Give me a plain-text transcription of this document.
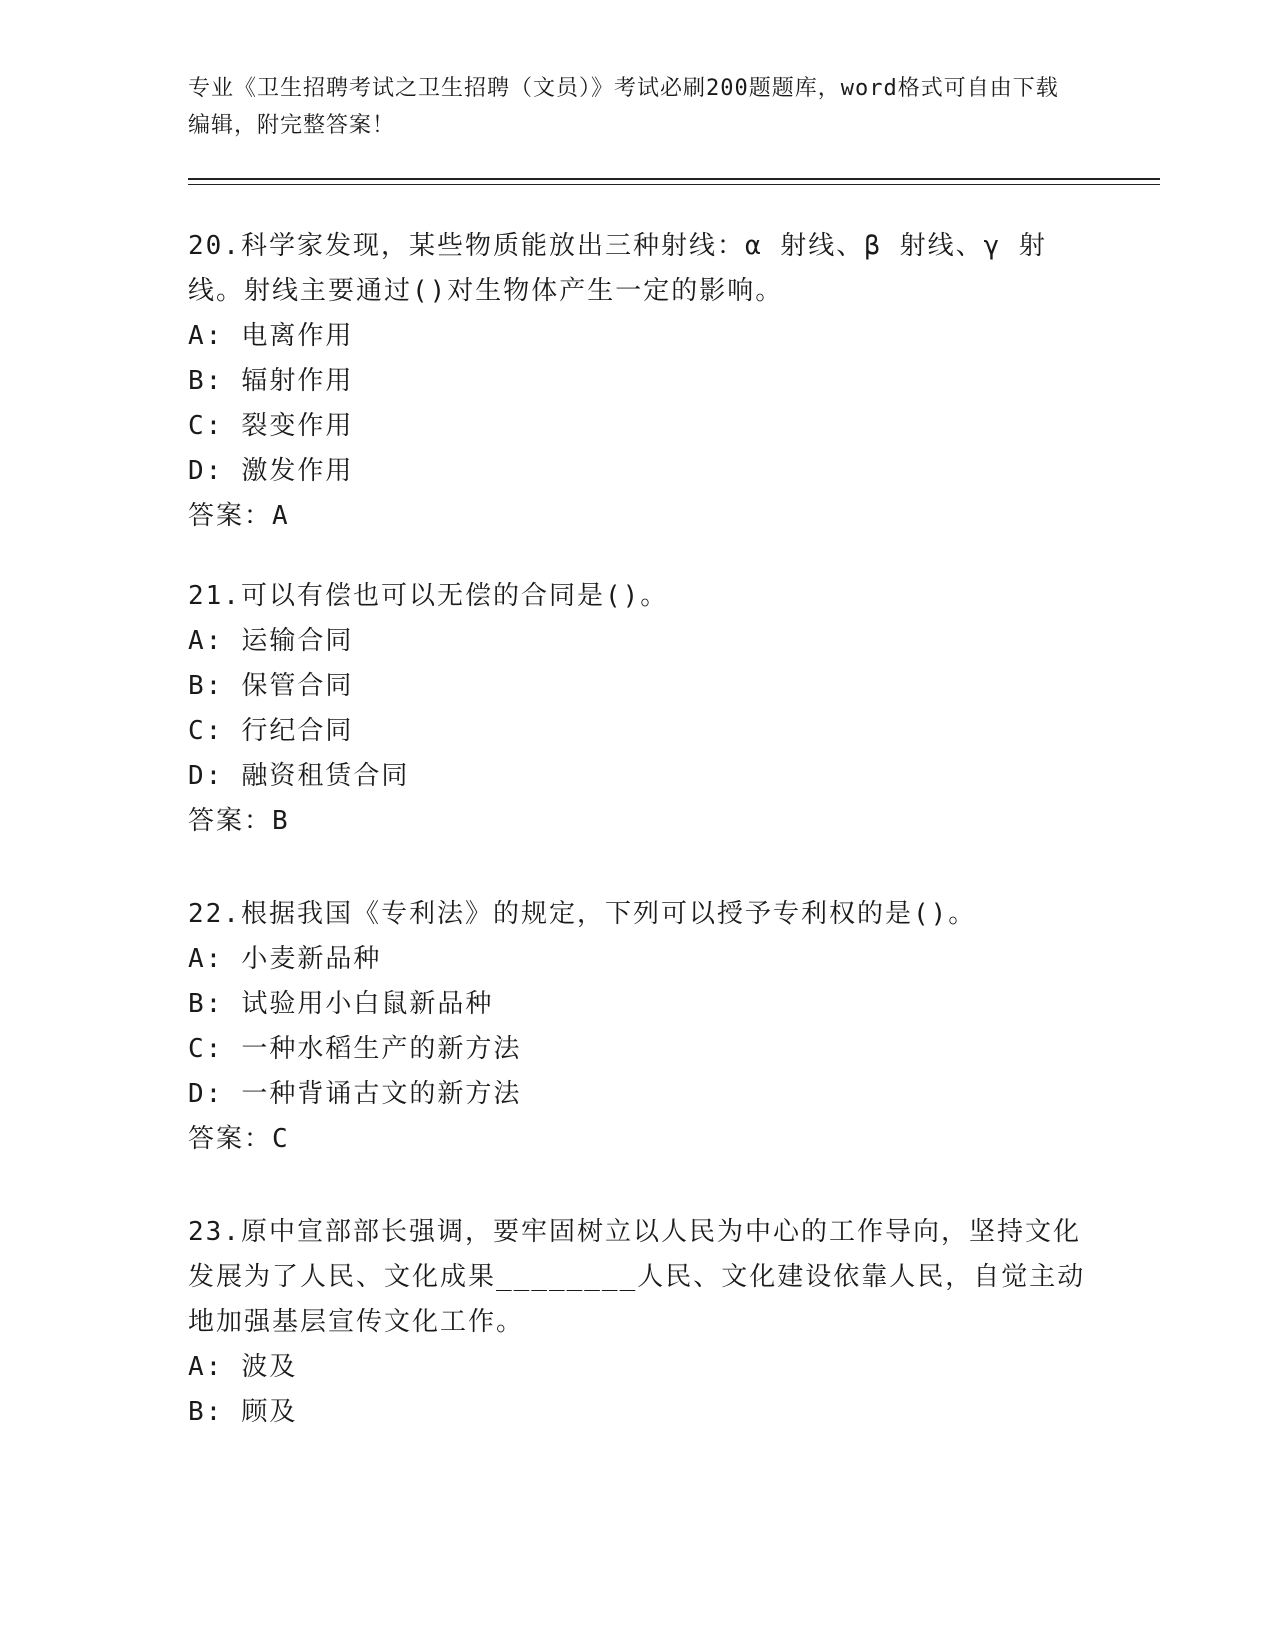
专业《卫生招聘考试之卫生招聘（文员）》考试必刷200题题库，word格式可自由下载编辑，附完整答案！

20.科学家发现，某些物质能放出三种射线：α 射线、β 射线、γ 射线。射线主要通过()对生物体产生一定的影响。

A: 电离作用
B: 辐射作用
C: 裂变作用
D: 激发作用

答案：A

21.可以有偿也可以无偿的合同是()。

A: 运输合同
B: 保管合同
C: 行纪合同
D: 融资租赁合同

答案：B

22.根据我国《专利法》的规定，下列可以授予专利权的是()。

A: 小麦新品种
B: 试验用小白鼠新品种
C: 一种水稻生产的新方法
D: 一种背诵古文的新方法

答案：C

23.原中宣部部长强调，要牢固树立以人民为中心的工作导向，坚持文化发展为了人民、文化成果________人民、文化建设依靠人民，自觉主动地加强基层宣传文化工作。

A: 波及
B: 顾及
